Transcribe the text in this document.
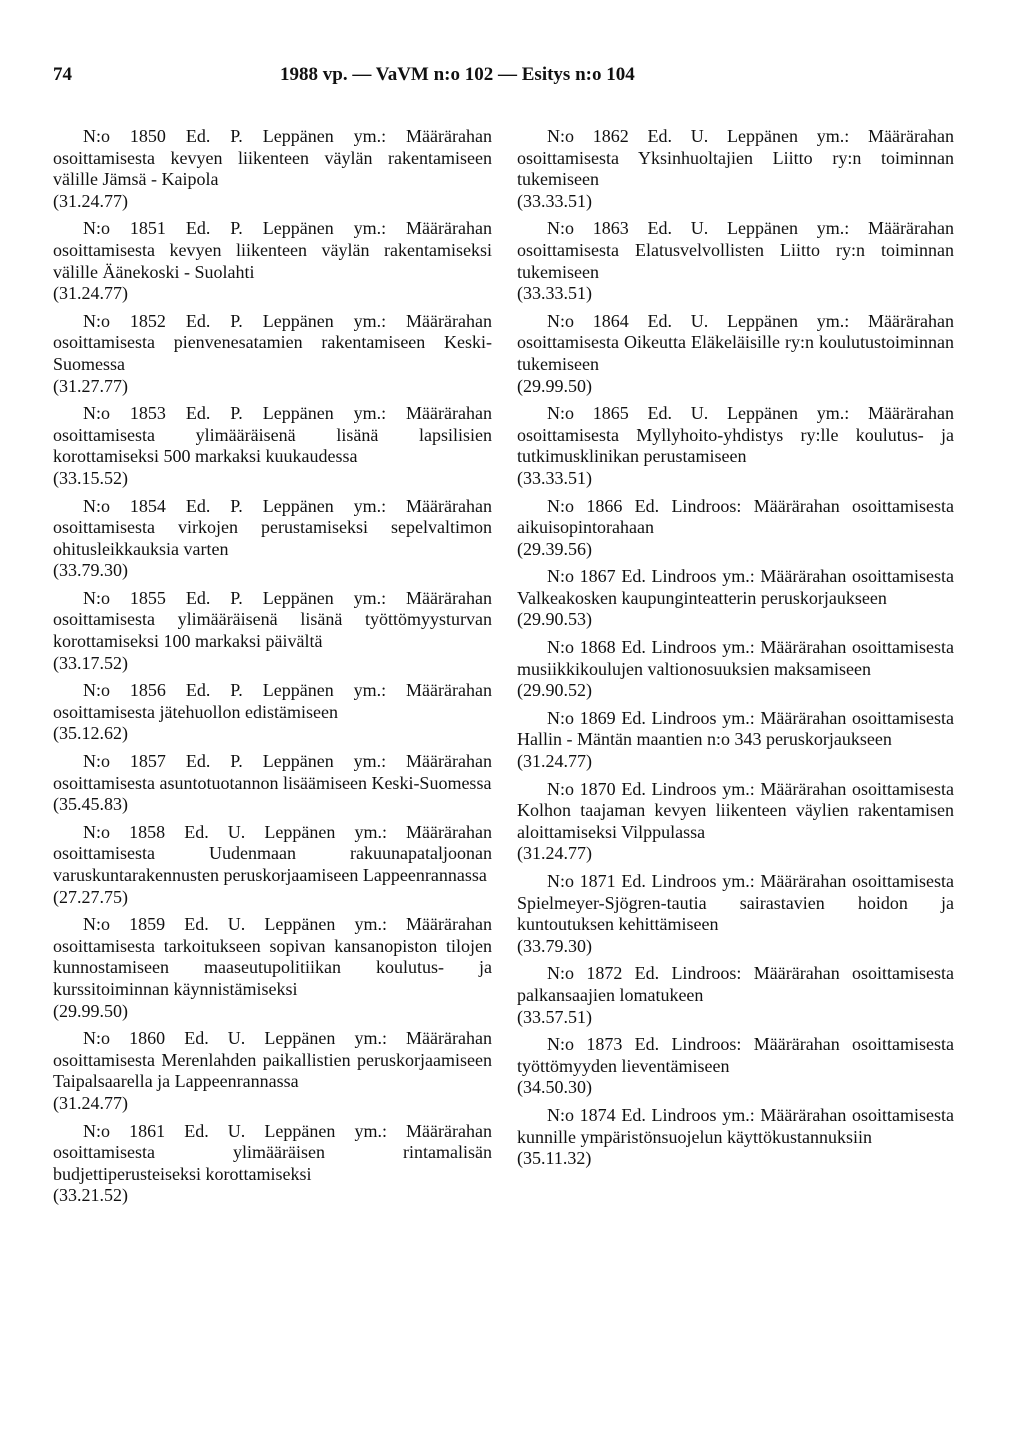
74	1988 vp. — VaVM n:o 102 — Esitys n:o 104
N:o 1850 Ed. P. Leppänen ym.: Määrärahan osoittamisesta kevyen liikenteen väylän rakentamiseen välille Jämsä - Kaipola
(31.24.77)
N:o 1851 Ed. P. Leppänen ym.: Määrärahan osoittamisesta kevyen liikenteen väylän rakentamiseksi välille Äänekoski - Suolahti
(31.24.77)
N:o 1852 Ed. P. Leppänen ym.: Määrärahan osoittamisesta pienvenesatamien rakentamiseen Keski-Suomessa
(31.27.77)
N:o 1853 Ed. P. Leppänen ym.: Määrärahan osoittamisesta ylimääräisenä lisänä lapsilisien korottamiseksi 500 markaksi kuukaudessa
(33.15.52)
N:o 1854 Ed. P. Leppänen ym.: Määrärahan osoittamisesta virkojen perustamiseksi sepelvaltimon ohitusleikkauksia varten
(33.79.30)
N:o 1855 Ed. P. Leppänen ym.: Määrärahan osoittamisesta ylimääräisenä lisänä työttömyysturvan korottamiseksi 100 markaksi päivältä
(33.17.52)
N:o 1856 Ed. P. Leppänen ym.: Määrärahan osoittamisesta jätehuollon edistämiseen
(35.12.62)
N:o 1857 Ed. P. Leppänen ym.: Määrärahan osoittamisesta asuntotuotannon lisäämiseen Keski-Suomessa
(35.45.83)
N:o 1858 Ed. U. Leppänen ym.: Määrärahan osoittamisesta Uudenmaan rakuunapataljoonan varuskuntarakennusten peruskorjaamiseen Lappeenrannassa
(27.27.75)
N:o 1859 Ed. U. Leppänen ym.: Määrärahan osoittamisesta tarkoitukseen sopivan kansanopiston tilojen kunnostamiseen maaseutupolitiikan koulutus- ja kurssitoiminnan käynnistämiseksi
(29.99.50)
N:o 1860 Ed. U. Leppänen ym.: Määrärahan osoittamisesta Merenlahden paikallistien peruskorjaamiseen Taipalsaarella ja Lappeenrannassa
(31.24.77)
N:o 1861 Ed. U. Leppänen ym.: Määrärahan osoittamisesta ylimääräisen rintamalisän budjettiperusteiseksi korottamiseksi
(33.21.52)
N:o 1862 Ed. U. Leppänen ym.: Määrärahan osoittamisesta Yksinhuoltajien Liitto ry:n toiminnan tukemiseen
(33.33.51)
N:o 1863 Ed. U. Leppänen ym.: Määrärahan osoittamisesta Elatusvelvollisten Liitto ry:n toiminnan tukemiseen
(33.33.51)
N:o 1864 Ed. U. Leppänen ym.: Määrärahan osoittamisesta Oikeutta Eläkeläisille ry:n koulutustoiminnan tukemiseen
(29.99.50)
N:o 1865 Ed. U. Leppänen ym.: Määrärahan osoittamisesta Myllyhoito-yhdistys ry:lle koulutus- ja tutkimusklinikan perustamiseen
(33.33.51)
N:o 1866 Ed. Lindroos: Määrärahan osoittamisesta aikuisopintorahaan
(29.39.56)
N:o 1867 Ed. Lindroos ym.: Määrärahan osoittamisesta Valkeakosken kaupunginteatterin peruskorjaukseen
(29.90.53)
N:o 1868 Ed. Lindroos ym.: Määrärahan osoittamisesta musiikkikoulujen valtionosuuksien maksamiseen
(29.90.52)
N:o 1869 Ed. Lindroos ym.: Määrärahan osoittamisesta Hallin - Mäntän maantien n:o 343 peruskorjaukseen
(31.24.77)
N:o 1870 Ed. Lindroos ym.: Määrärahan osoittamisesta Kolhon taajaman kevyen liikenteen väylien rakentamisen aloittamiseksi Vilppulassa
(31.24.77)
N:o 1871 Ed. Lindroos ym.: Määrärahan osoittamisesta Spielmeyer-Sjögren-tautia sairastavien hoidon ja kuntoutuksen kehittämiseen
(33.79.30)
N:o 1872 Ed. Lindroos: Määrärahan osoittamisesta palkansaajien lomatukeen
(33.57.51)
N:o 1873 Ed. Lindroos: Määrärahan osoittamisesta työttömyyden lieventämiseen
(34.50.30)
N:o 1874 Ed. Lindroos ym.: Määrärahan osoittamisesta kunnille ympäristönsuojelun käyttökustannuksiin
(35.11.32)
